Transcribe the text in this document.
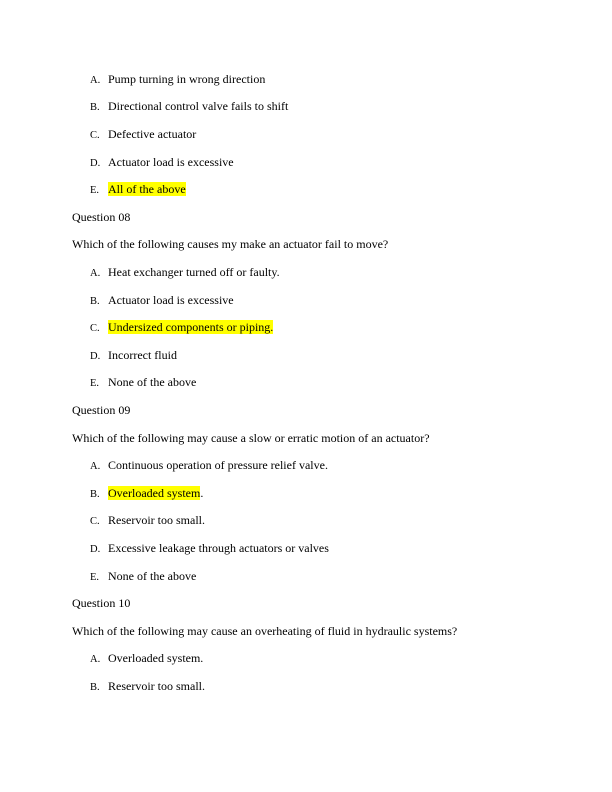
A. Pump turning in wrong direction
B. Directional control valve fails to shift
C. Defective actuator
D. Actuator load is excessive
E. All of the above
Question 08
Which of the following causes my make an actuator fail to move?
A. Heat exchanger turned off or faulty.
B. Actuator load is excessive
C. Undersized components or piping.
D. Incorrect fluid
E. None of the above
Question 09
Which of the following may cause a slow or erratic motion of an actuator?
A. Continuous operation of pressure relief valve.
B. Overloaded system.
C. Reservoir too small.
D. Excessive leakage through actuators or valves
E. None of the above
Question 10
Which of the following may cause an overheating of fluid in hydraulic systems?
A. Overloaded system.
B. Reservoir too small.
